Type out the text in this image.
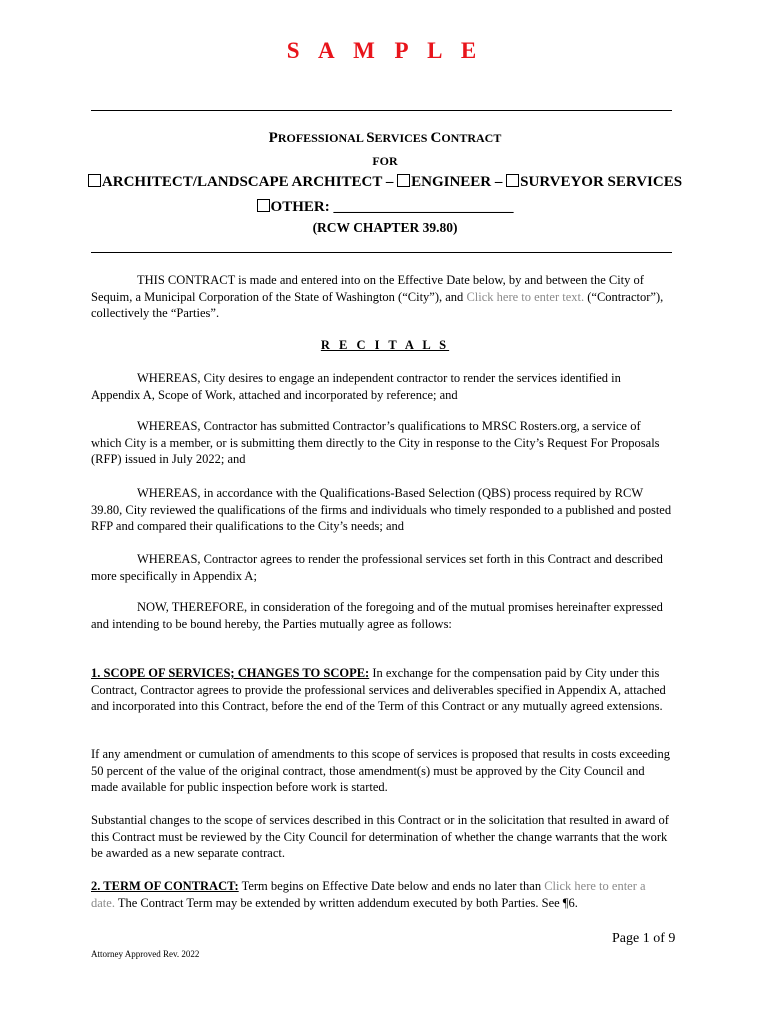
S A M P L E
PROFESSIONAL SERVICES CONTRACT
FOR
ARCHITECT/LANDSCAPE ARCHITECT – ENGINEER – SURVEYOR SERVICES
OTHER: ________________________
(RCW CHAPTER 39.80)
THIS CONTRACT is made and entered into on the Effective Date below, by and between the City of Sequim, a Municipal Corporation of the State of Washington (“City”), and Click here to enter text. (“Contractor”), collectively the “Parties”.
R E C I T A L S
WHEREAS, City desires to engage an independent contractor to render the services identified in Appendix A, Scope of Work, attached and incorporated by reference; and
WHEREAS, Contractor has submitted Contractor’s qualifications to MRSC Rosters.org, a service of which City is a member, or is submitting them directly to the City in response to the City’s Request For Proposals (RFP) issued in July 2022; and
WHEREAS, in accordance with the Qualifications-Based Selection (QBS) process required by RCW 39.80, City reviewed the qualifications of the firms and individuals who timely responded to a published and posted RFP and compared their qualifications to the City’s needs; and
WHEREAS, Contractor agrees to render the professional services set forth in this Contract and described more specifically in Appendix A;
NOW, THEREFORE, in consideration of the foregoing and of the mutual promises hereinafter expressed and intending to be bound hereby, the Parties mutually agree as follows:
1. SCOPE OF SERVICES; CHANGES TO SCOPE: In exchange for the compensation paid by City under this Contract, Contractor agrees to provide the professional services and deliverables specified in Appendix A, attached and incorporated into this Contract, before the end of the Term of this Contract or any mutually agreed extensions.
If any amendment or cumulation of amendments to this scope of services is proposed that results in costs exceeding 50 percent of the value of the original contract, those amendment(s) must be approved by the City Council and made available for public inspection before work is started.
Substantial changes to the scope of services described in this Contract or in the solicitation that resulted in award of this Contract must be reviewed by the City Council for determination of whether the change warrants that the work be awarded as a new separate contract.
2. TERM OF CONTRACT: Term begins on Effective Date below and ends no later than Click here to enter a date. The Contract Term may be extended by written addendum executed by both Parties. See ¶6.
Page 1 of 9
Attorney Approved Rev. 2022
